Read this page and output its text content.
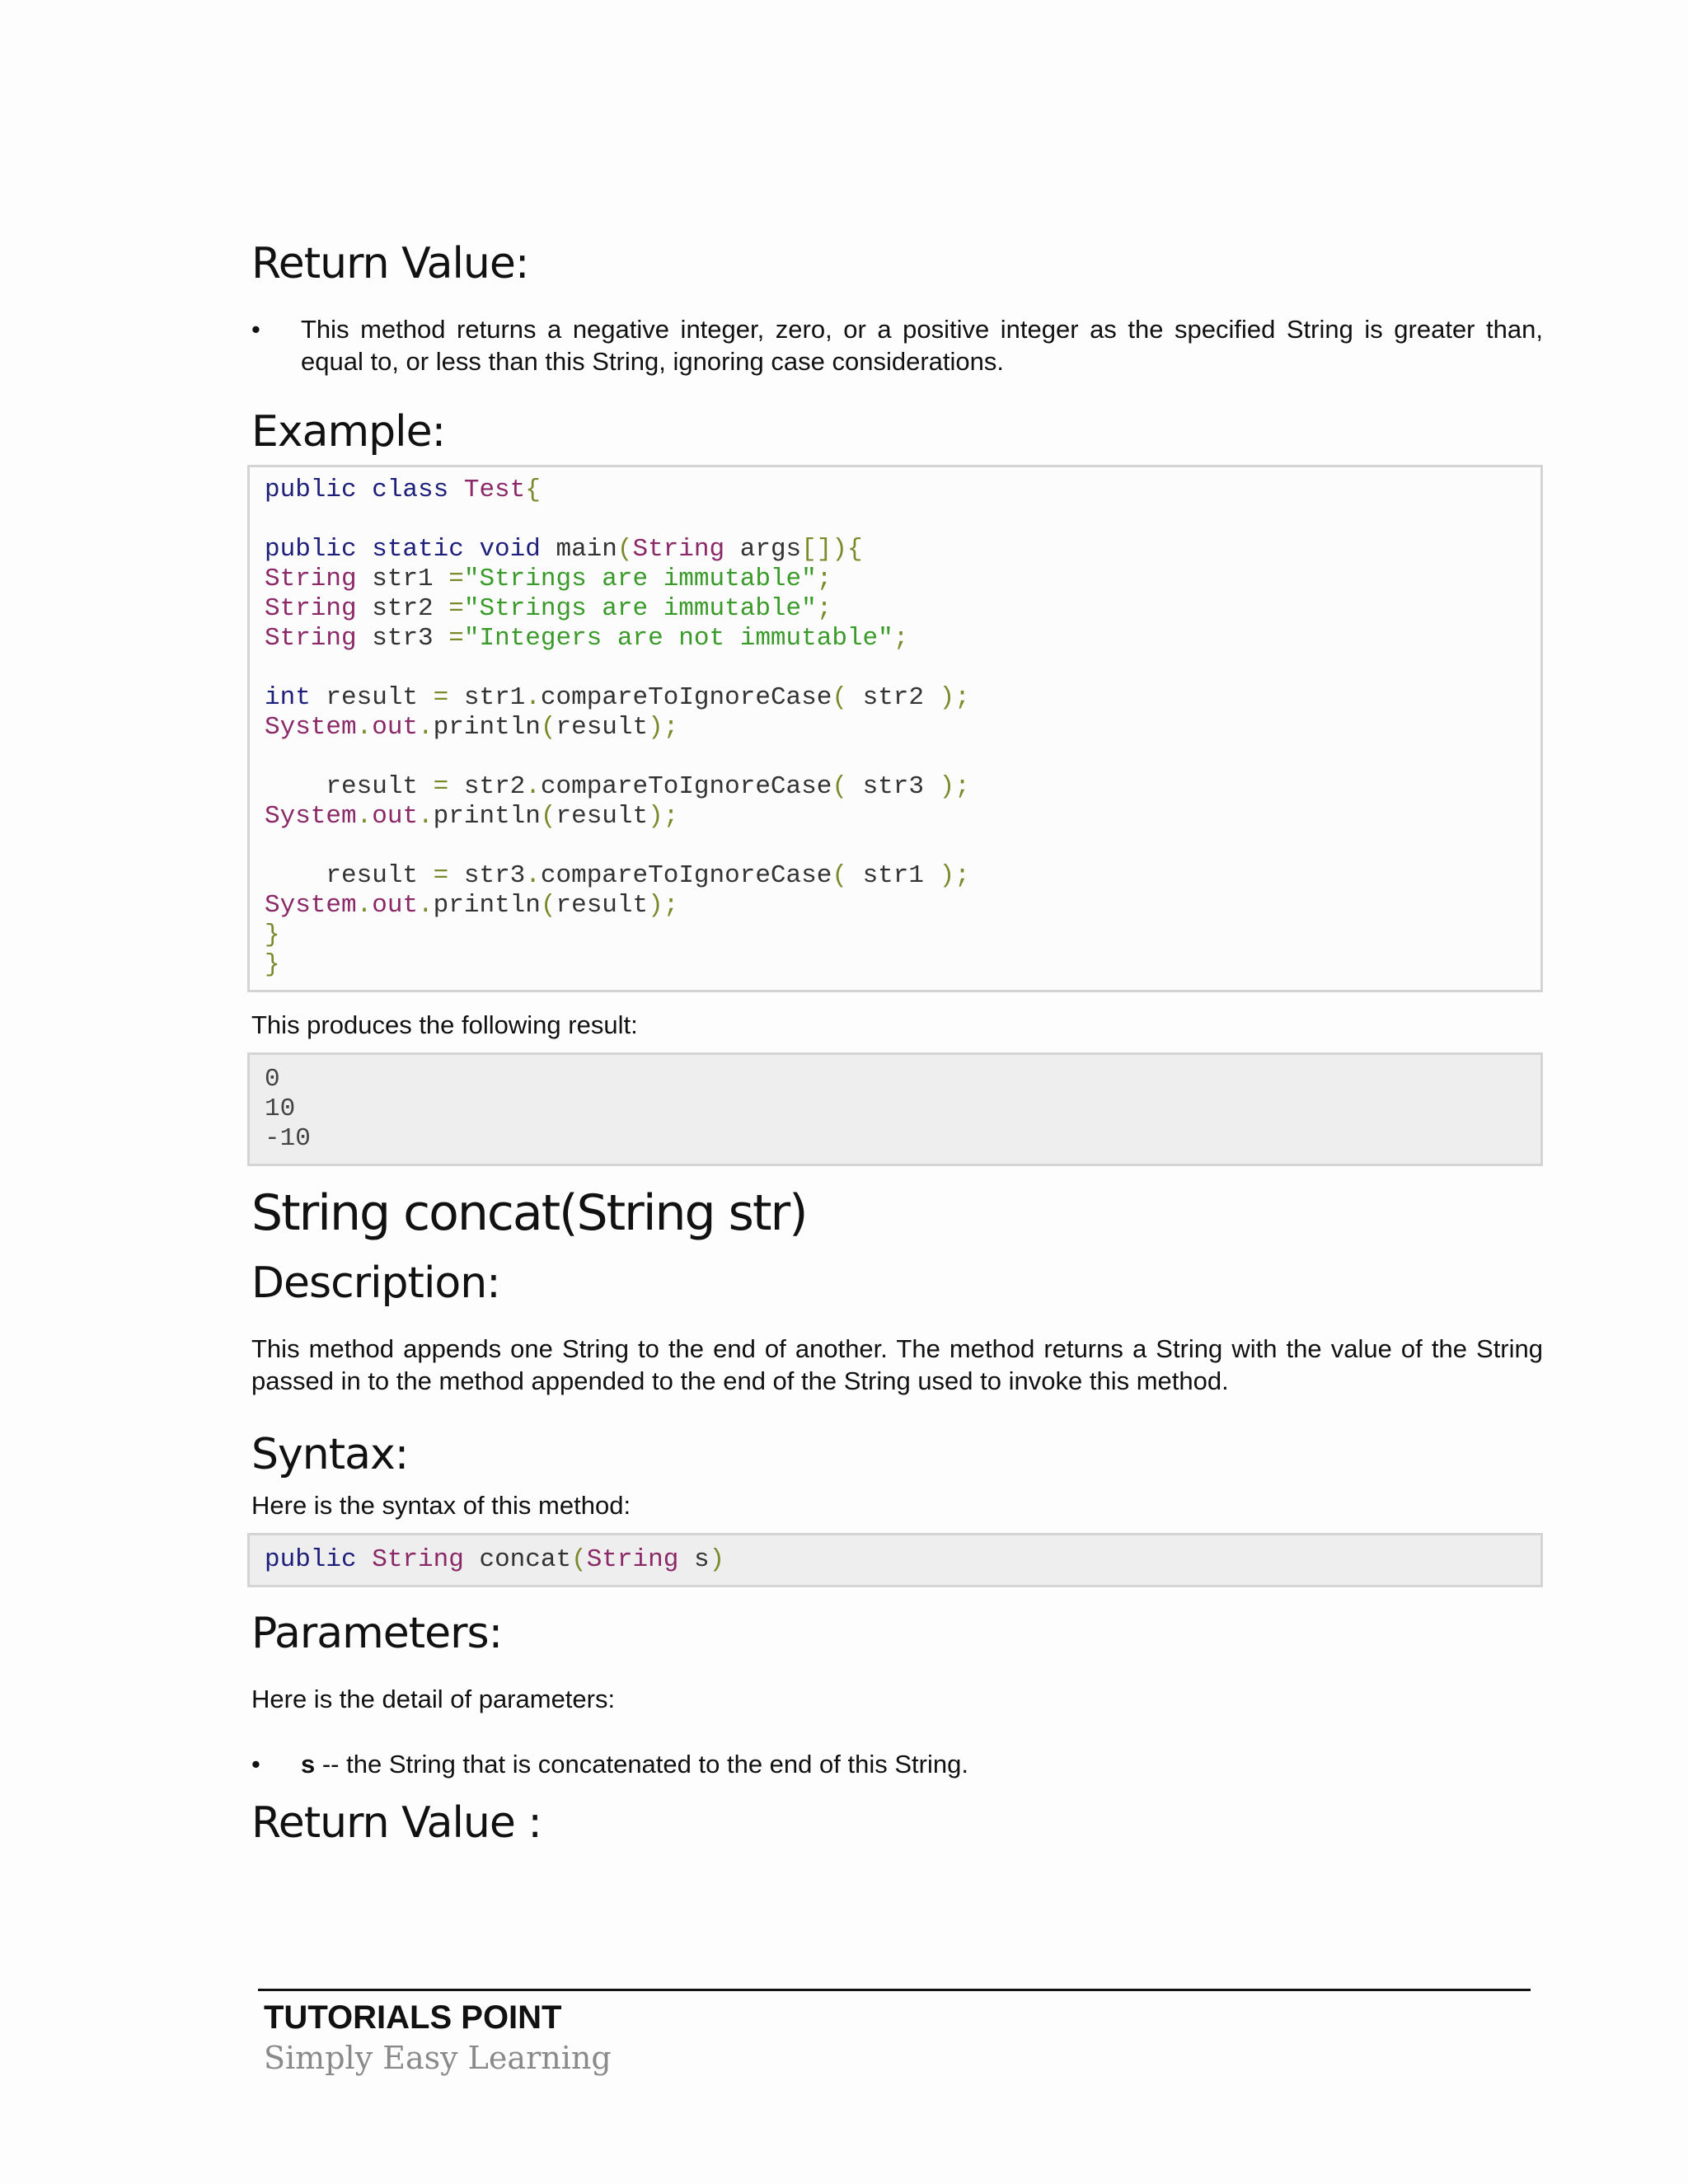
Return Value:
• This method returns a negative integer, zero, or a positive integer as the specified String is greater than, equal to, or less than this String, ignoring case considerations.
Example:
public class Test{
public static void main(String args[]){
String str1 ="Strings are immutable";
String str2 ="Strings are immutable";
String str3 ="Integers are not immutable";
int result = str1.compareToIgnoreCase( str2 );
System.out.println(result);
result = str2.compareToIgnoreCase( str3 );
System.out.println(result);
result = str3.compareToIgnoreCase( str1 );
System.out.println(result);
}
}

This produces the following result:

0
10
-10
String concat(String str)
Description:

This method appends one String to the end of another. The method returns a String with the value of the String passed in to the method appended to the end of the String used to invoke this method.

Syntax:

Here is the syntax of this method:

public String concat(String s)
Parameters:

Here is the detail of parameters:

• s -- the String that is concatenated to the end of this String.
Return Value :
TUTORIALS POINT
Simply Easy Learning
